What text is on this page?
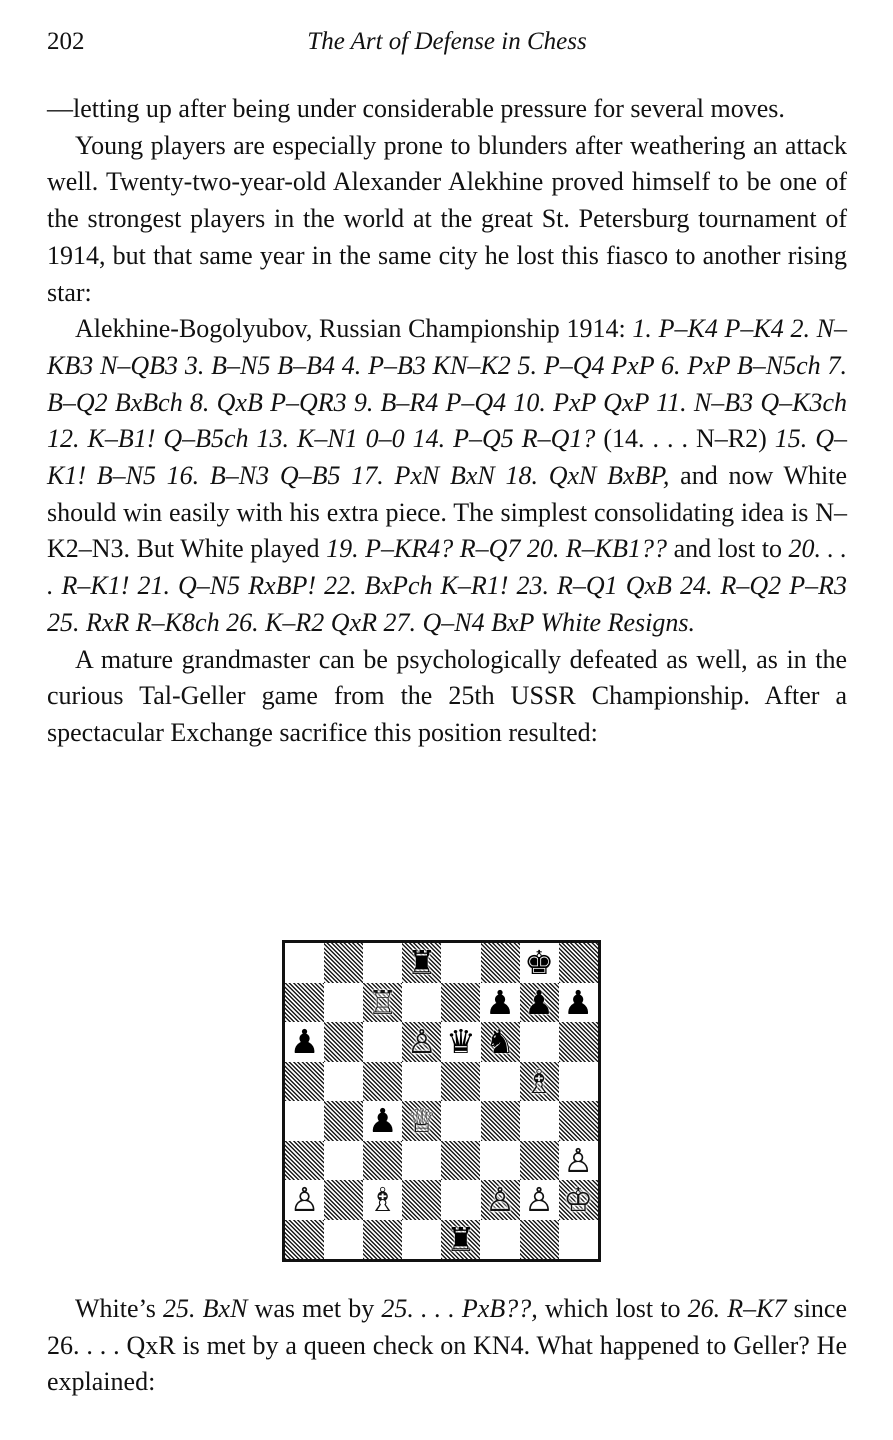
202	The Art of Defense in Chess

—letting up after being under considerable pressure for several moves.

Young players are especially prone to blunders after weathering an attack well. Twenty-two-year-old Alexander Alekhine proved himself to be one of the strongest players in the world at the great St. Petersburg tournament of 1914, but that same year in the same city he lost this fiasco to another rising star:

Alekhine-Bogolyubov, Russian Championship 1914: 1. P–K4 P–K4 2. N–KB3 N–QB3 3. B–N5 B–B4 4. P–B3 KN–K2 5. P–Q4 PxP 6. PxP B–N5ch 7. B–Q2 BxBch 8. QxB P–QR3 9. B–R4 P–Q4 10. PxP QxP 11. N–B3 Q–K3ch 12. K–B1! Q–B5ch 13. K–N1 0–0 14. P–Q5 R–Q1? (14. . . . N–R2) 15. Q–K1! B–N5 16. B–N3 Q–B5 17. PxN BxN 18. QxN BxBP, and now White should win easily with his extra piece. The simplest consolidating idea is N–K2–N3. But White played 19. P–KR4? R–Q7 20. R–KB1?? and lost to 20. . . . R–K1! 21. Q–N5 RxBP! 22. BxPch K–R1! 23. R–Q1 QxB 24. R–Q2 P–R3 25. RxR R–K8ch 26. K–R2 QxR 27. Q–N4 BxP White Resigns.

A mature grandmaster can be psychologically defeated as well, as in the curious Tal-Geller game from the 25th USSR Championship. After a spectacular Exchange sacrifice this position resulted:

♜	♚
♖	♟ ♟ ♟
♟	♙ ♛ ♞
♗
♟ ♕
♙
♙ ♗	♙ ♙ ♔
♜

White’s 25. BxN was met by 25. . . . PxB??, which lost to 26. R–K7 since 26. . . . QxR is met by a queen check on KN4. What happened to Geller? He explained:
